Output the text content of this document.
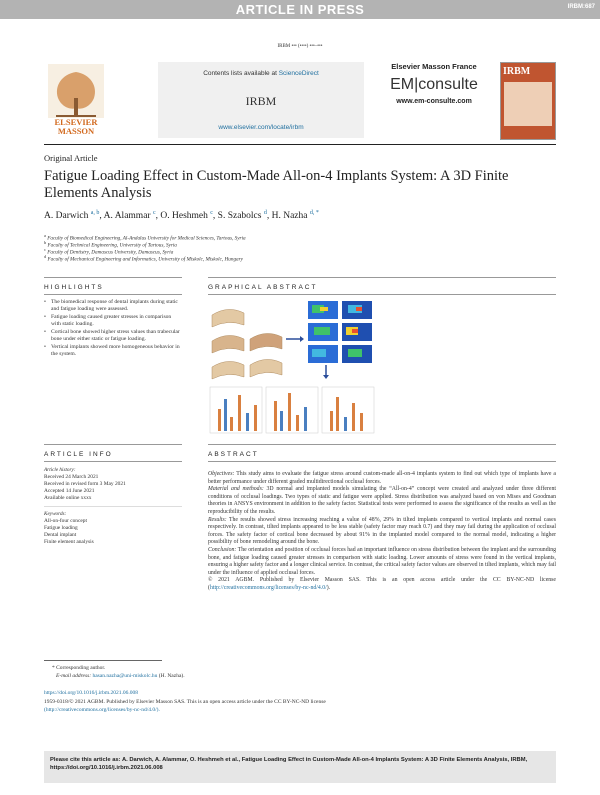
ARTICLE IN PRESS	IRBM:687
IRBM ••• (••••) •••–•••
ELSEVIER MASSON
Contents lists available at ScienceDirect
IRBM
www.elsevier.com/locate/irbm
Elsevier Masson France
EM|consulte
www.em-consulte.com
IRBM
Original Article
Fatigue Loading Effect in Custom-Made All-on-4 Implants System: A 3D Finite Elements Analysis
A. Darwich $^{a, b}$, A. Alammar $^c$, O. Heshmeh $^c$, S. Szabolcs $^d$, H. Nazha $^{d, *}$
$^a$ Faculty of Biomedical Engineering, Al-Andalus University for Medical Sciences, Tartous, Syria
$^b$ Faculty of Technical Engineering, University of Tartous, Syria
$^c$ Faculty of Dentistry, Damascus University, Damascus, Syria
$^d$ Faculty of Mechanical Engineering and Informatics, University of Miskolc, Miskolc, Hungary
HIGHLIGHTS
• The biomedical response of dental implants during static and fatigue loading were assessed.
• Fatigue loading caused greater stresses in comparison with static loading.
• Cortical bone showed higher stress values than trabecular bone under either static or fatigue loading.
• Vertical implants showed more homogeneous behavior in the system.
GRAPHICAL ABSTRACT
ARTICLE INFO
Article history:
Received 24 March 2021
Received in revised form 3 May 2021
Accepted 14 June 2021
Available online xxxx
Keywords:
All-on-four concept
Fatigue loading
Dental implant
Finite element analysis
ABSTRACT

Objectives: This study aims to evaluate the fatigue stress around custom-made all-on-4 implants system to find out which type of implants have a better performance under different graded multidirectional occlusal forces.

Material and methods: 3D normal and implanted models simulating the “All-on-4” concept were created and analyzed under three different conditions of occlusal loadings. Two types of static and fatigue were applied. Stress distribution was analyzed based on von Mises and Goodman theories in ANSYS environment in addition to the safety factor. Statistical tests were performed to assess the significance of the results as well as the reproducibility of the results.

Results: The results showed stress increasing reaching a value of 48%, 29% in tilted implants compared to vertical implants and normal cases respectively. In contrast, tilted implants appeared to be less stable (safety factor may reach 0.7) and they may fail during the application of occlusal forces. The safety factor of cortical bone decreased by about 91% in the implanted model compared to the normal model, indicating a higher possibility of bone remodeling around the bone.

Conclusion: The orientation and position of occlusal forces had an important influence on stress distribution between the implant and the surrounding bone, and fatigue loading caused greater stresses in comparison with static loading. Lower amounts of stress were found in the vertical implants, ensuring a higher safety factor and a longer clinical service. In contrast, the critical safety factor values are observed in tilted implants, which may fail under the influence of applied occlusal forces.

© 2021 AGBM. Published by Elsevier Masson SAS. This is an open access article under the CC BY-NC-ND license (http://creativecommons.org/licenses/by-nc-nd/4.0/).

* Corresponding author.
E-mail address: hasan.nazha@uni-miskolc.hu (H. Nazha).
https://doi.org/10.1016/j.irbm.2021.06.008
1959-0318/© 2021 AGBM. Published by Elsevier Masson SAS. This is an open access article under the CC BY-NC-ND license
(http://creativecommons.org/licenses/by-nc-nd/4.0/).
Please cite this article as: A. Darwich, A. Alammar, O. Heshmeh et al., Fatigue Loading Effect in Custom-Made All-on-4 Implants System: A 3D Finite Elements Analysis, IRBM, https://doi.org/10.1016/j.irbm.2021.06.008
